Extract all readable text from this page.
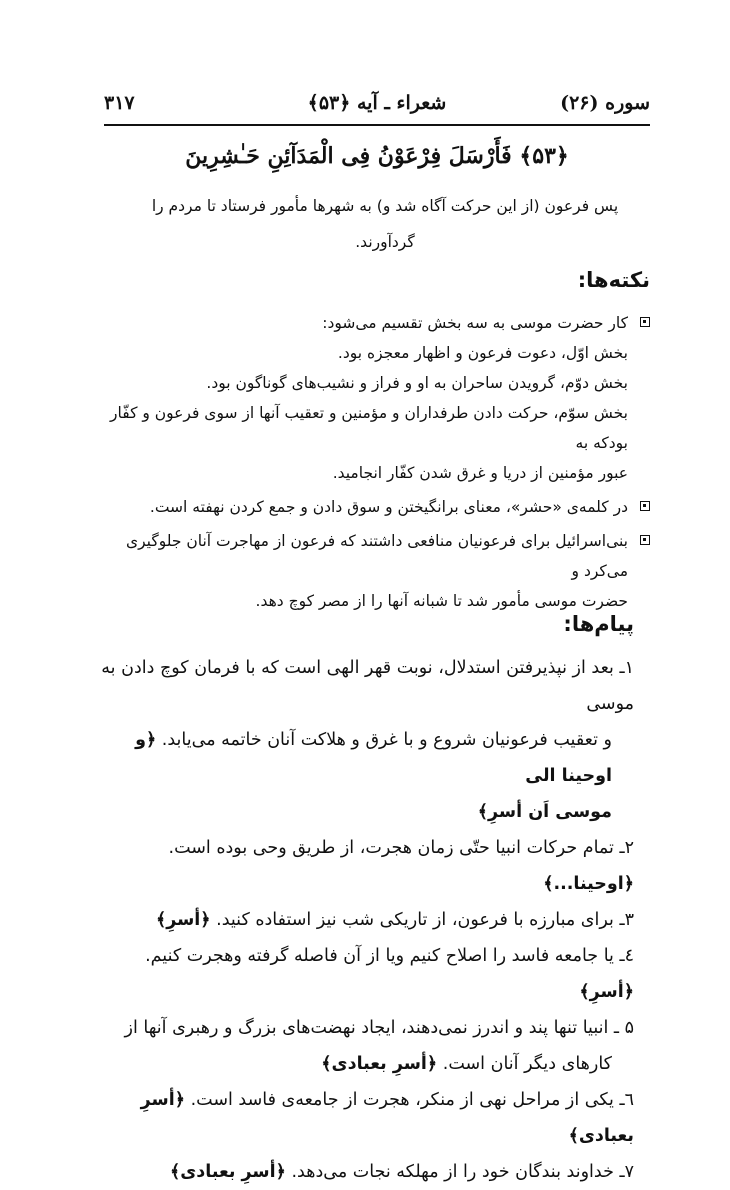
سوره (۲۶)
شعراء ـ آیه ﴿۵۳﴾
۳۱۷
﴿۵۳﴾ فَأَرْسَلَ فِرْعَوْنُ فِى الْمَدَآئِنِ حَـٰشِرِينَ
پس فرعون (از این حرکت آگاه شد و) به شهرها مأمور فرستاد تا مردم را
گردآورند.
نکته‌ها:
کار حضرت موسی به سه بخش تقسیم می‌شود:
بخش اوّل، دعوت فرعون و اظهار معجزه بود.
بخش دوّم، گرویدن ساحران به او و فراز و نشیب‌های گوناگون بود.
بخش سوّم، حرکت دادن طرفداران و مؤمنین و تعقیب آنها از سوی فرعون و کفّار بودکه به
عبور مؤمنین از دریا و غرق شدن کفّار انجامید.
در کلمه‌ی «حشر»، معنای برانگیختن و سوق دادن و جمع کردن نهفته است.
بنی‌اسرائیل برای فرعونیان منافعی داشتند که فرعون از مهاجرت آنان جلوگیری می‌کرد و
حضرت موسی مأمور شد تا شبانه آنها را از مصر کوچ دهد.
پیام‌ها:
۱ـ بعد از نپذیرفتن استدلال، نوبت قهر الهی است که با فرمان کوچ دادن به موسی
و تعقیب فرعونیان شروع و با غرق و هلاکت آنان خاتمه می‌یابد. ﴿و اوحینا الی
موسی اَن أسرِ﴾
۲ـ تمام حرکات انبیا حتّی زمان هجرت، از طریق وحی بوده است. ﴿اوحینا...﴾
۳ـ برای مبارزه با فرعون، از تاریکی شب نیز استفاده کنید. ﴿أسرِ﴾
٤ـ یا جامعه فاسد را اصلاح کنیم ویا از آن فاصله گرفته وهجرت کنیم. ﴿أسرِ﴾
۵ ـ انبیا تنها پند و اندرز نمی‌دهند، ایجاد نهضت‌های بزرگ و رهبری آنها از
کارهای دیگر آنان است. ﴿أسرِ بعبادی﴾
٦ـ یکی از مراحل نهی از منکر، هجرت از جامعه‌ی فاسد است. ﴿أسرِ بعبادی﴾
۷ـ خداوند بندگان خود را از مهلکه نجات می‌دهد. ﴿أسرِ بعبادی﴾
